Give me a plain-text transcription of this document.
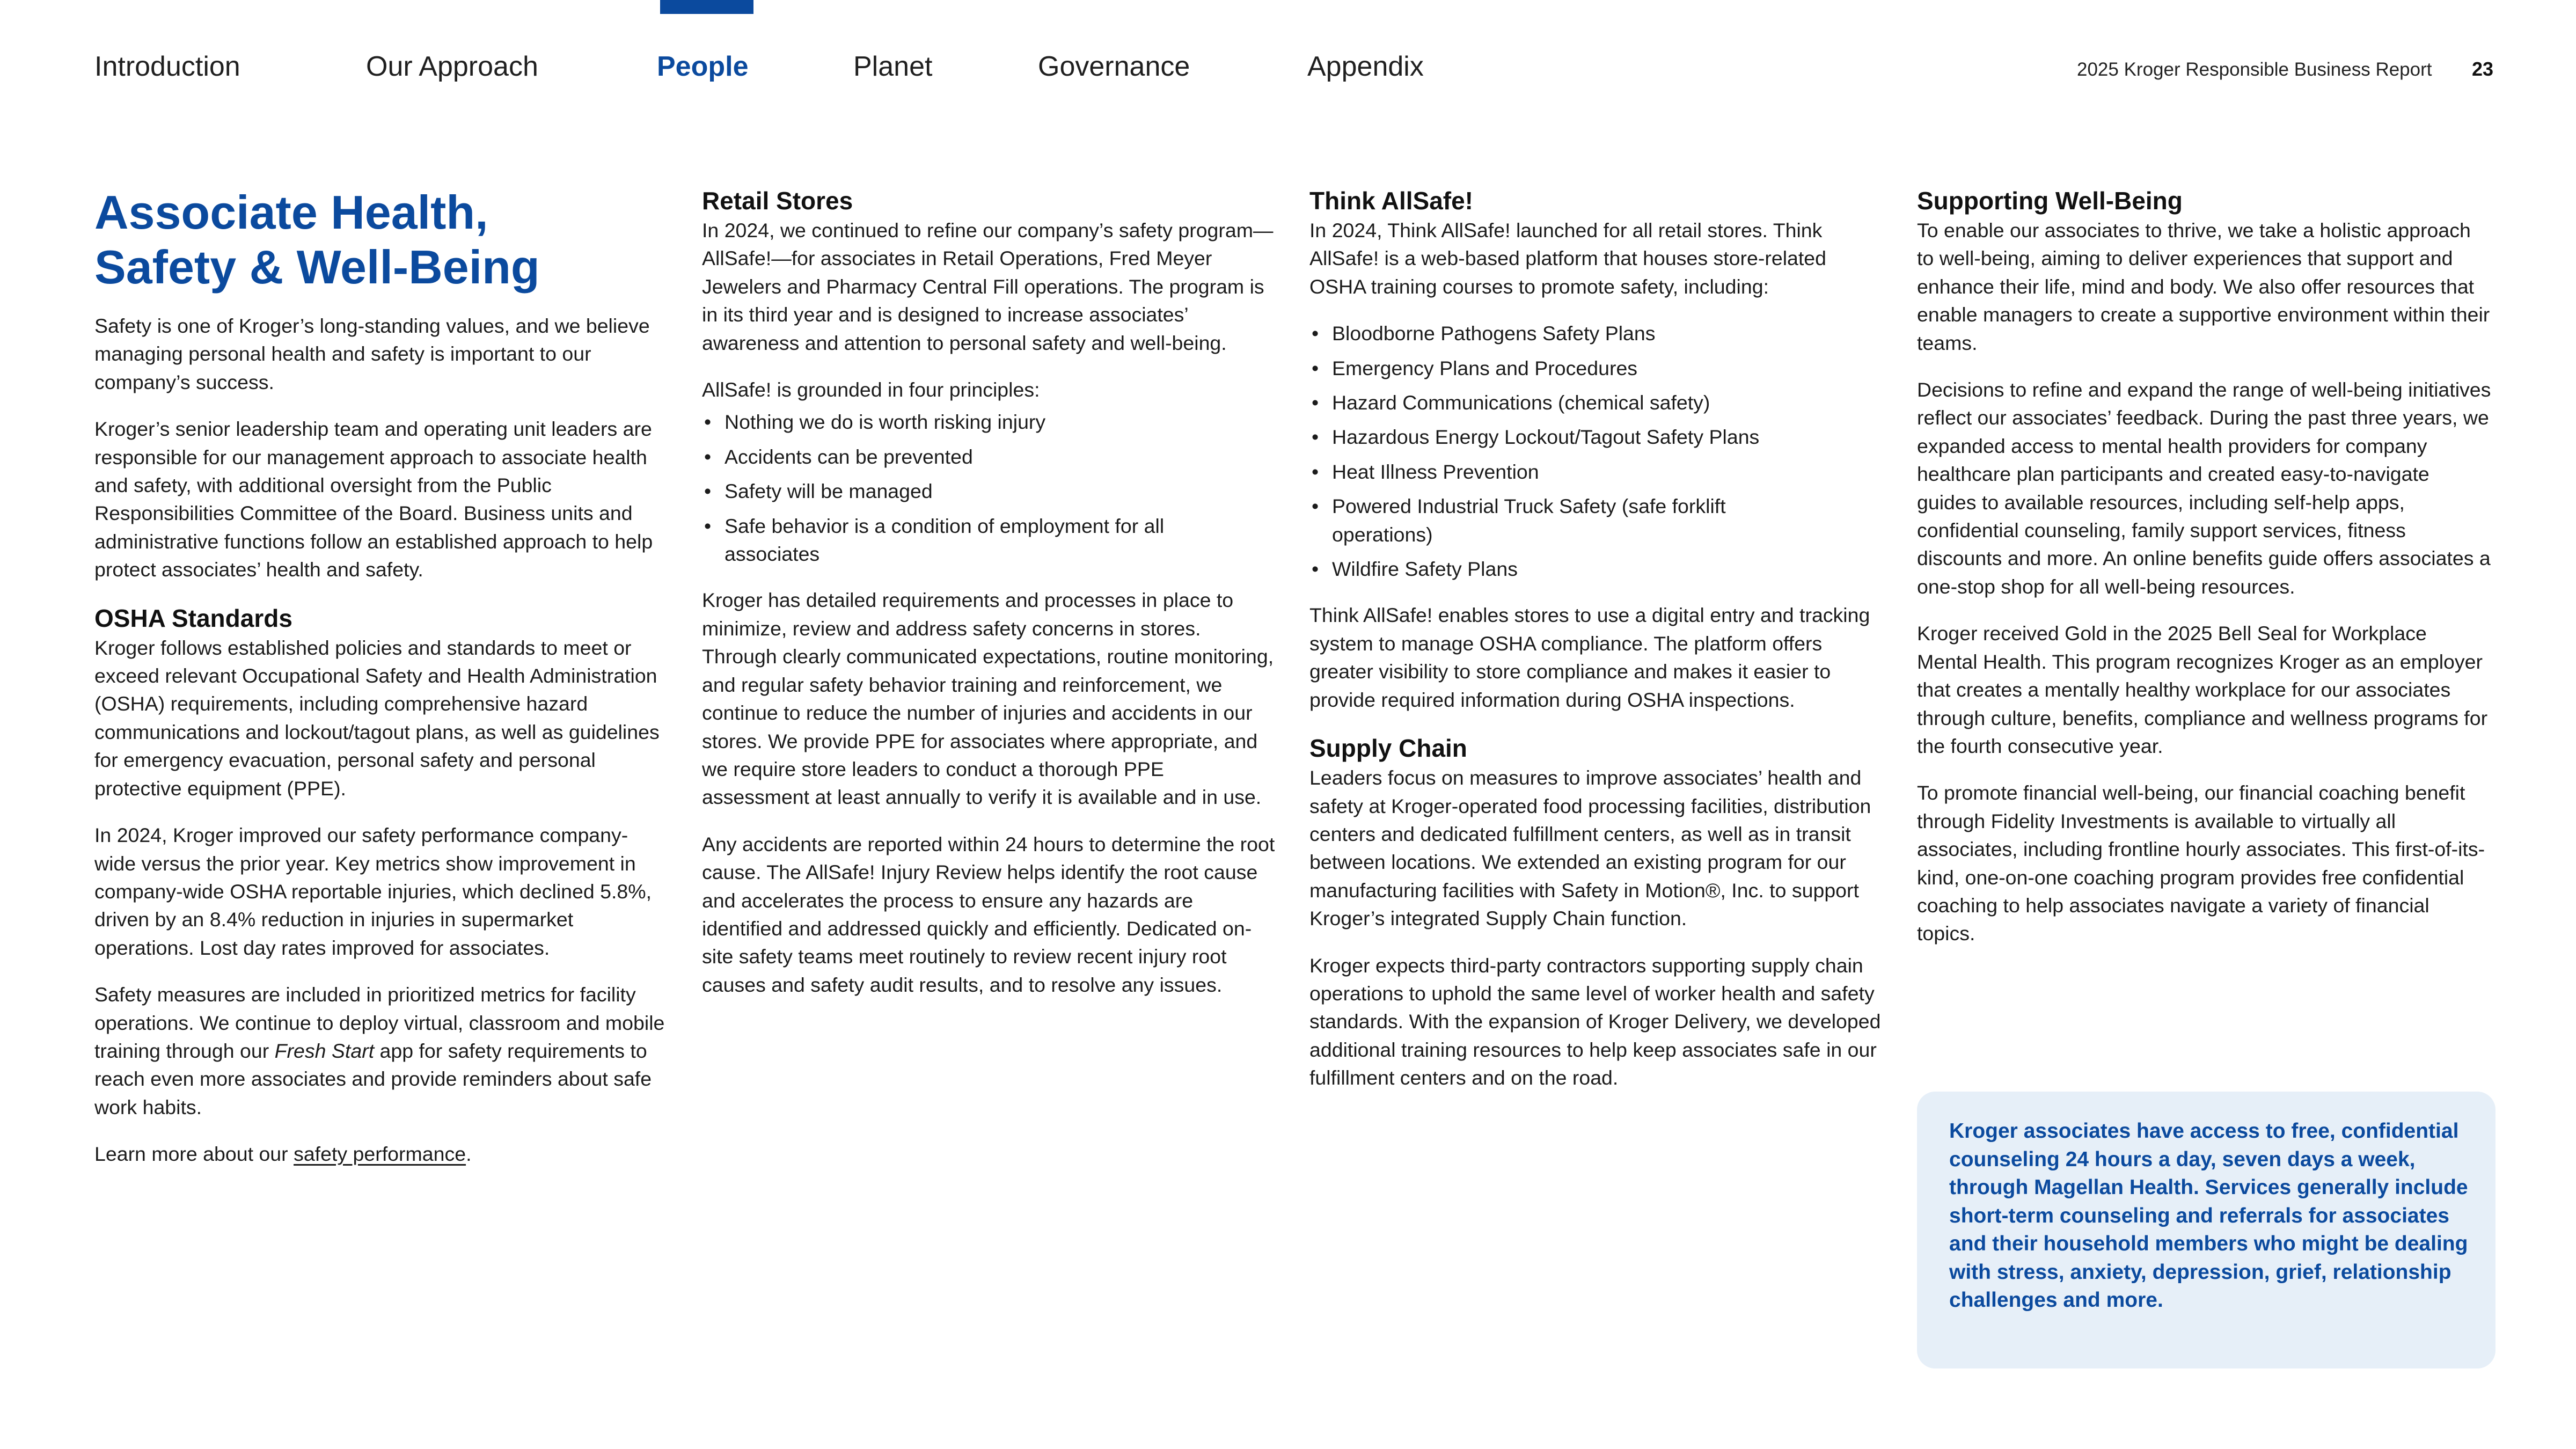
Introduction	Our Approach	People	Planet	Governance	Appendix	2025 Kroger Responsible Business Report 23
Associate Health,
Safety & Well-Being

Safety is one of Kroger’s long-standing values, and we believe managing personal health and safety is important to our company’s success.

Kroger’s senior leadership team and operating unit leaders are responsible for our management approach to associate health and safety, with additional oversight from the Public Responsibilities Committee of the Board. Business units and administrative functions follow an established approach to help protect associates’ health and safety.

OSHA Standards

Kroger follows established policies and standards to meet or exceed relevant Occupational Safety and Health Administration (OSHA) requirements, including comprehensive hazard communications and lockout/tagout plans, as well as guidelines for emergency evacuation, personal safety and personal protective equipment (PPE).

In 2024, Kroger improved our safety performance company-wide versus the prior year. Key metrics show improvement in company-wide OSHA reportable injuries, which declined 5.8%, driven by an 8.4% reduction in injuries in supermarket operations. Lost day rates improved for associates.

Safety measures are included in prioritized metrics for facility operations. We continue to deploy virtual, classroom and mobile training through our Fresh Start app for safety requirements to reach even more associates and provide reminders about safe work habits.

Learn more about our safety performance.

Retail Stores

In 2024, we continued to refine our company’s safety program—AllSafe!—for associates in Retail Operations, Fred Meyer Jewelers and Pharmacy Central Fill operations. The program is in its third year and is designed to increase associates’ awareness and attention to personal safety and well-being.

AllSafe! is grounded in four principles:

• Nothing we do is worth risking injury
• Accidents can be prevented
• Safety will be managed
• Safe behavior is a condition of employment for all associates

Kroger has detailed requirements and processes in place to minimize, review and address safety concerns in stores. Through clearly communicated expectations, routine monitoring, and regular safety behavior training and reinforcement, we continue to reduce the number of injuries and accidents in our stores. We provide PPE for associates where appropriate, and we require store leaders to conduct a thorough PPE assessment at least annually to verify it is available and in use.

Any accidents are reported within 24 hours to determine the root cause. The AllSafe! Injury Review helps identify the root cause and accelerates the process to ensure any hazards are identified and addressed quickly and efficiently. Dedicated on-site safety teams meet routinely to review recent injury root causes and safety audit results, and to resolve any issues.

Think AllSafe!

In 2024, Think AllSafe! launched for all retail stores. Think AllSafe! is a web-based platform that houses store-related OSHA training courses to promote safety, including:

• Bloodborne Pathogens Safety Plans
• Emergency Plans and Procedures
• Hazard Communications (chemical safety)
• Hazardous Energy Lockout/Tagout Safety Plans
• Heat Illness Prevention
• Powered Industrial Truck Safety (safe forklift operations)
• Wildfire Safety Plans

Think AllSafe! enables stores to use a digital entry and tracking system to manage OSHA compliance. The platform offers greater visibility to store compliance and makes it easier to provide required information during OSHA inspections.

Supply Chain

Leaders focus on measures to improve associates’ health and safety at Kroger-operated food processing facilities, distribution centers and dedicated fulfillment centers, as well as in transit between locations. We extended an existing program for our manufacturing facilities with Safety in Motion®, Inc. to support Kroger’s integrated Supply Chain function.

Kroger expects third-party contractors supporting supply chain operations to uphold the same level of worker health and safety standards. With the expansion of Kroger Delivery, we developed additional training resources to help keep associates safe in our fulfillment centers and on the road.

Supporting Well-Being

To enable our associates to thrive, we take a holistic approach to well-being, aiming to deliver experiences that support and enhance their life, mind and body. We also offer resources that enable managers to create a supportive environment within their teams.

Decisions to refine and expand the range of well-being initiatives reflect our associates’ feedback. During the past three years, we expanded access to mental health providers for company healthcare plan participants and created easy-to-navigate guides to available resources, including self-help apps, confidential counseling, family support services, fitness discounts and more. An online benefits guide offers associates a one-stop shop for all well-being resources.

Kroger received Gold in the 2025 Bell Seal for Workplace Mental Health. This program recognizes Kroger as an employer that creates a mentally healthy workplace for our associates through culture, benefits, compliance and wellness programs for the fourth consecutive year.

To promote financial well-being, our financial coaching benefit through Fidelity Investments is available to virtually all associates, including frontline hourly associates. This first-of-its-kind, one-on-one coaching program provides free confidential coaching to help associates navigate a variety of financial topics.

Kroger associates have access to free, confidential counseling 24 hours a day, seven days a week, through Magellan Health. Services generally include short-term counseling and referrals for associates and their household members who might be dealing with stress, anxiety, depression, grief, relationship challenges and more.
